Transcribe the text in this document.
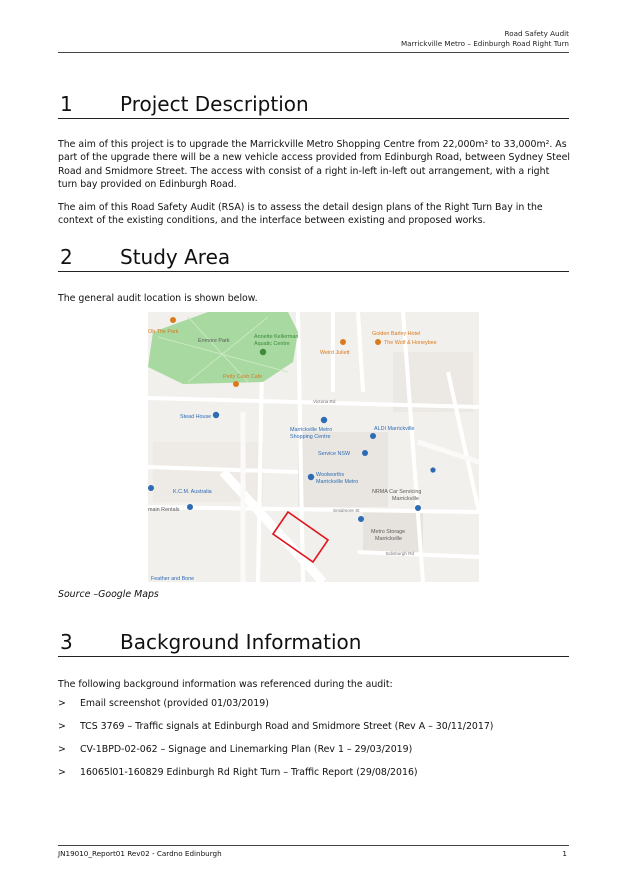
Road Safety Audit
Marrickville Metro – Edinburgh Road Right Turn
1 Project Description
The aim of this project is to upgrade the Marrickville Metro Shopping Centre from 22,000m² to 33,000m². As part of the upgrade there will be a new vehicle access provided from Edinburgh Road, between Sydney Steel Road and Smidmore Street. The access with consist of a right in-left in-left out arrangement, with a right turn bay provided on Edinburgh Road.
The aim of this Road Safety Audit (RSA) is to assess the detail design plans of the Right Turn Bay in the context of the existing conditions, and the interface between existing and proposed works.
2 Study Area
The general audit location is shown below.
Oh The Park
Enmore Park
Annette Kellerman
Aquatic Centre
Golden Barley Hotel
The Wolf & Honeybee
Weird Juliett
Petty Cash Cafe
Victoria Rd
Stead House
Marrickville Metro
Shopping Centre
ALDI Marrickville
Service NSW
Woolworths
Marrickville Metro
K.C.M. Australia	NRMA Car Servicing
Marrickville
main Rentals	Smidmore St
Metro Storage
Marrickville
Edinburgh Rd
Feather and Bone
Source –Google Maps
3 Background Information
The following background information was referenced during the audit:
> Email screenshot (provided 01/03/2019)
> TCS 3769 – Traffic signals at Edinburgh Road and Smidmore Street (Rev A – 30/11/2017)
> CV-1BPD-02-062 – Signage and Linemarking Plan (Rev 1 – 29/03/2019)
> 16065l01-160829 Edinburgh Rd Right Turn – Traffic Report (29/08/2016)
JN19010_Report01 Rev02 - Cardno Edinburgh	1
